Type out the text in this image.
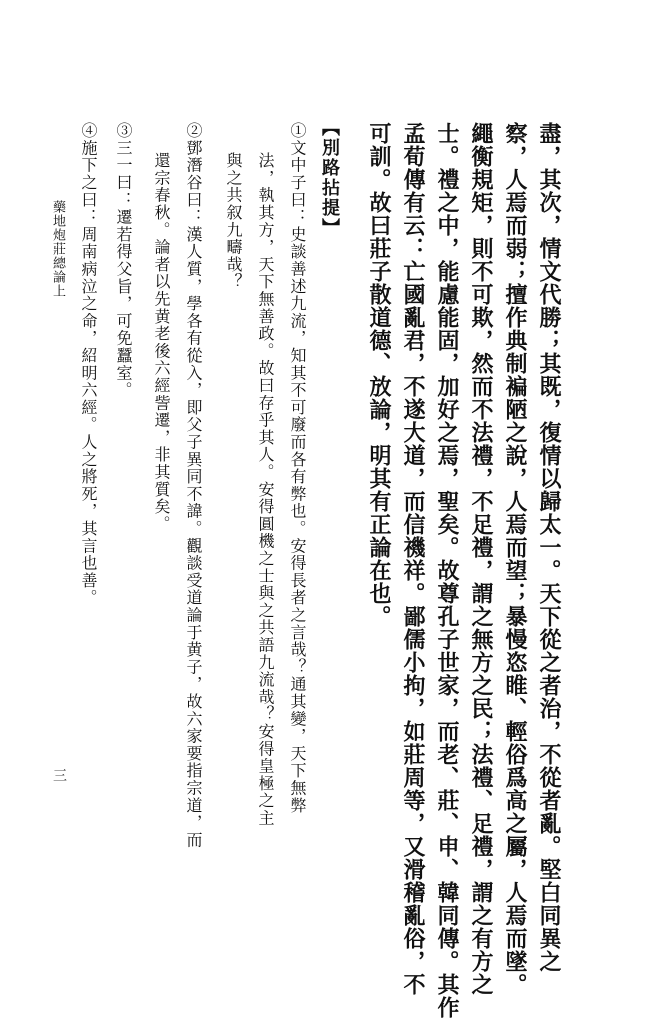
盡，其次，情文代勝；其既，復情以歸太一。天下從之者治，不從者亂。堅白同異之
察，人焉而弱；擅作典制褊陋之說，人焉而望；暴慢恣睢、輕俗爲高之屬，人焉而墜。
繩衡規矩，則不可欺，然而不法禮，不足禮，謂之無方之民；法禮、足禮，謂之有方之
士。禮之中，能慮能固，加好之焉，聖矣。故尊孔子世家，而老、莊、申、韓同傳。其作
孟荀傳有云：亡國亂君，不遂大道，而信禨祥。鄙儒小拘，如莊周等，又滑稽亂俗，不
可訓。故曰莊子散道德、放論，明其有正論在也。
【別路拈提】
①文中子曰：史談善述九流，知其不可廢而各有弊也。安得長者之言哉？通其變，天下無弊
法，執其方，天下無善政。故曰存乎其人。安得圓機之士與之共語九流哉？安得皇極之主
與之共叙九疇哉？
②鄧潛谷曰：漢人質，學各有從入，即父子異同不諱。觀談受道論于黄子，故六家要指宗道，而
還宗春秋。論者以先黄老後六經訾遷，非其質矣。
③三一曰：遷若得父旨，可免蠶室。
④施下之曰：周南病泣之命，紹明六經。人之將死，其言也善。
藥地炮莊總論上
三
